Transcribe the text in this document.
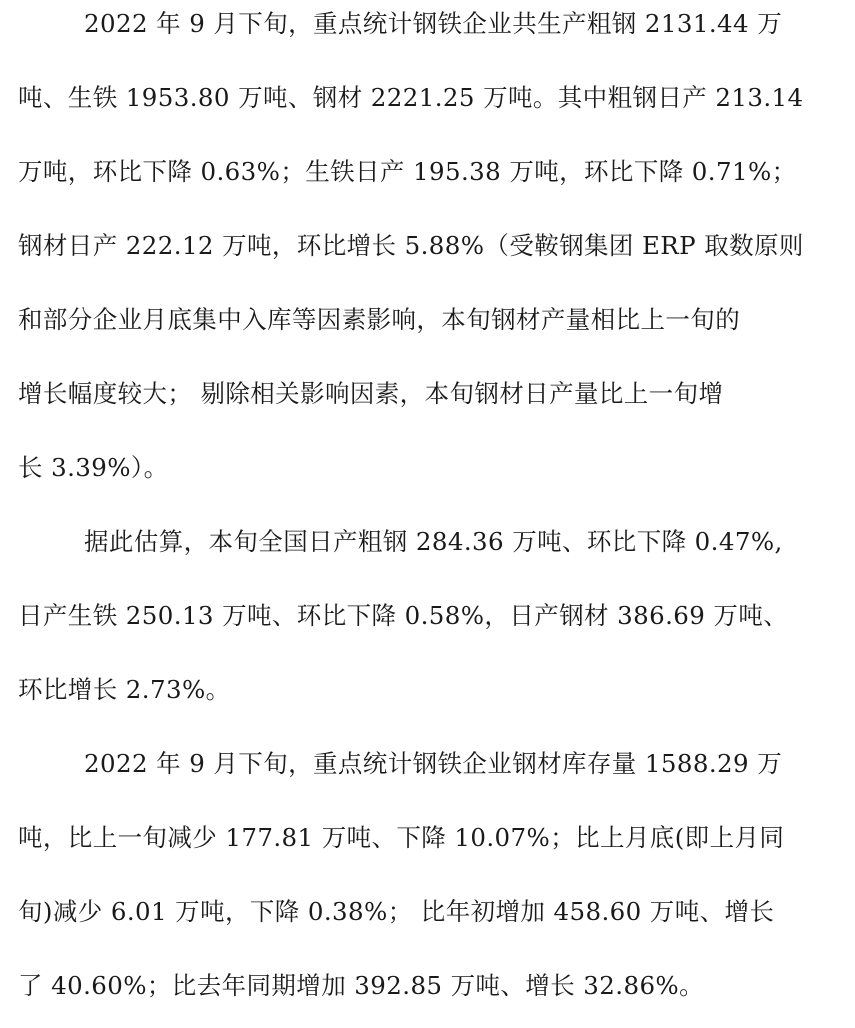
2022 年 9 月下旬，重点统计钢铁企业共生产粗钢 2131.44 万
吨、生铁 1953.80 万吨、钢材 2221.25 万吨。其中粗钢日产 213.14
万吨，环比下降 0.63%；生铁日产 195.38 万吨，环比下降 0.71%；
钢材日产 222.12 万吨，环比增长 5.88%（受鞍钢集团 ERP 取数原则
和部分企业月底集中入库等因素影响，本旬钢材产量相比上一旬的
增长幅度较大； 剔除相关影响因素，本旬钢材日产量比上一旬增
长 3.39%）。
据此估算，本旬全国日产粗钢 284.36 万吨、环比下降 0.47%,
日产生铁 250.13 万吨、环比下降 0.58%，日产钢材 386.69 万吨、
环比增长 2.73%。
2022 年 9 月下旬，重点统计钢铁企业钢材库存量 1588.29 万
吨，比上一旬减少 177.81 万吨、下降 10.07%；比上月底(即上月同
旬)减少 6.01 万吨，下降 0.38%； 比年初增加 458.60 万吨、增长
了 40.60%；比去年同期增加 392.85 万吨、增长 32.86%。
